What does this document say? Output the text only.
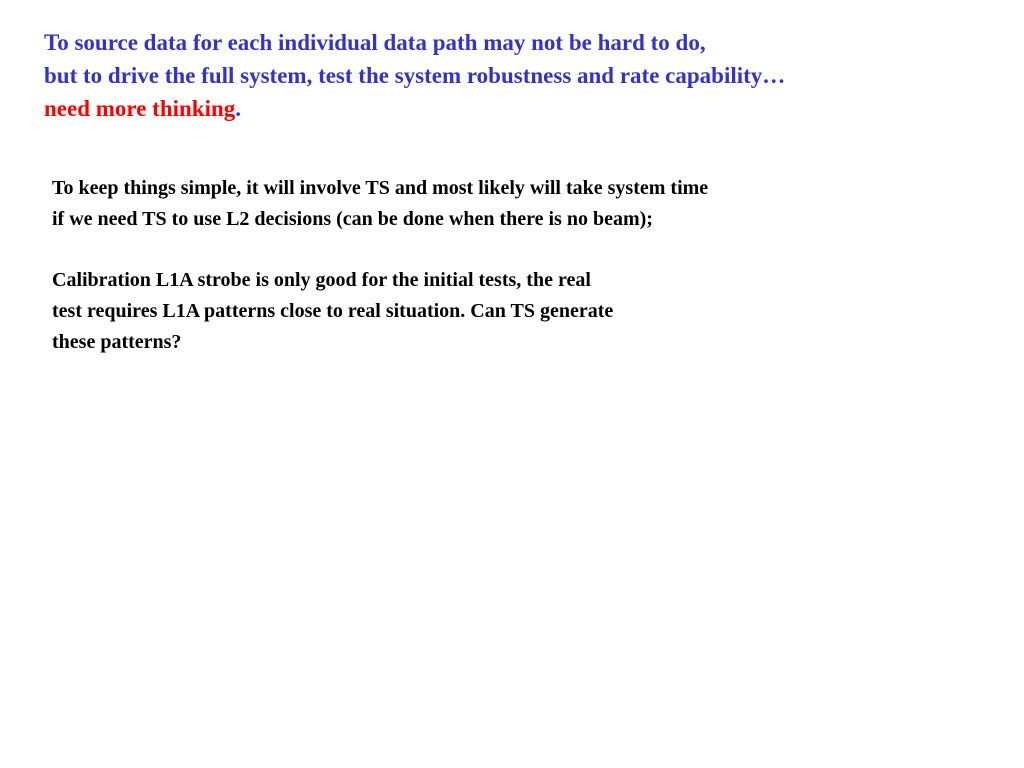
To source data for each individual data path may not be hard to do,
but to drive the full system, test the system robustness and rate capability…
need more thinking.
To keep things simple, it will involve TS and most likely will take system time
if we need TS to use L2 decisions (can be done when there is no beam);
Calibration L1A strobe is only good for the initial tests, the real
test requires L1A patterns close to real situation. Can TS generate
these patterns?
